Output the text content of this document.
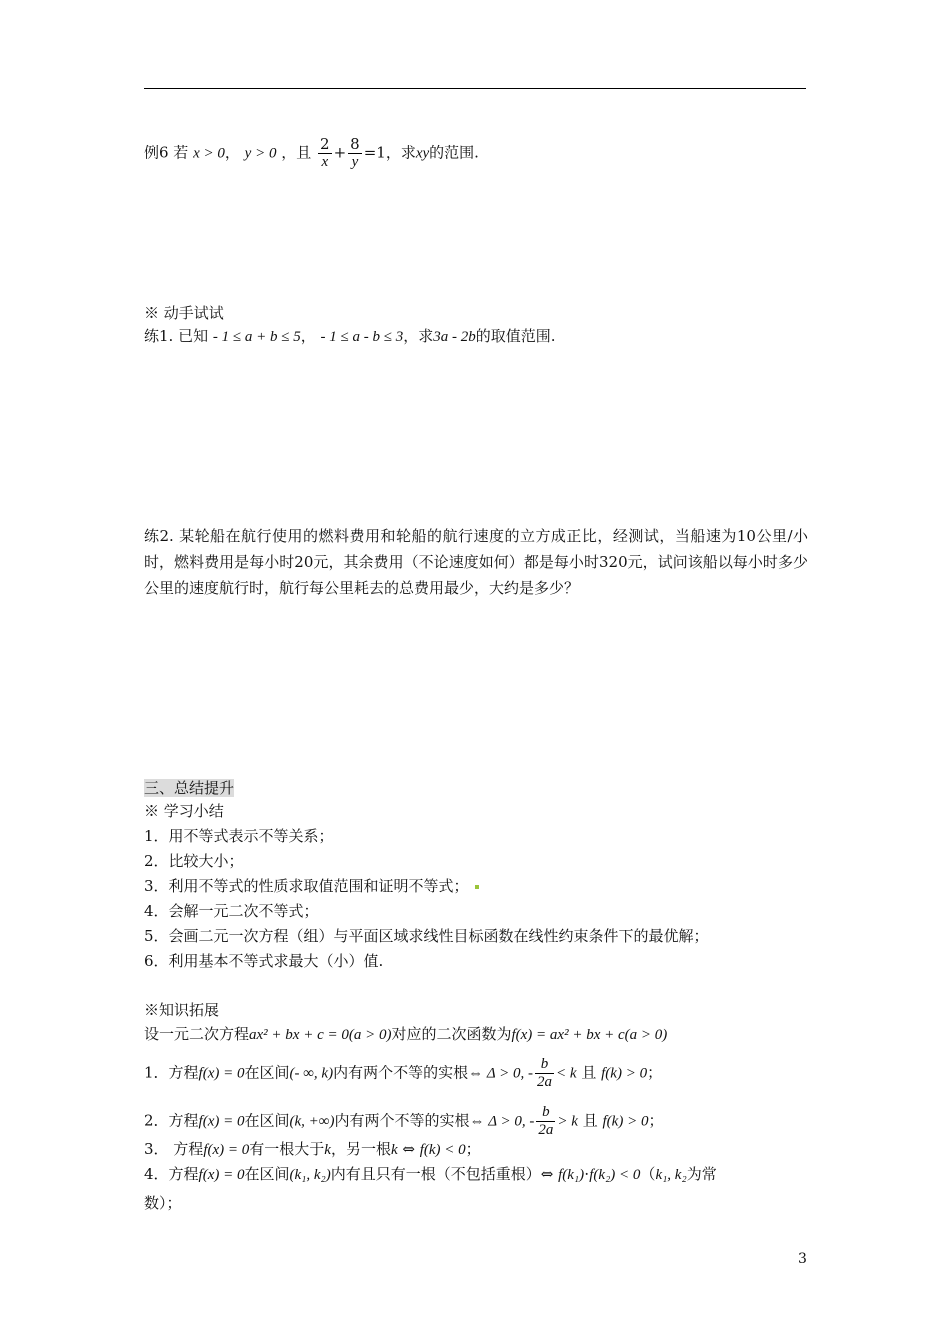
例6 若 x > 0， y > 0 ，且 $\frac{2}{x} + \frac{8}{y} =1$，求xy的范围.
※ 动手试试
练1. 已知 - 1 ≤ a + b ≤ 5， - 1 ≤ a - b ≤ 3，求3a - 2b的取值范围.
练2. 某轮船在航行使用的燃料费用和轮船的航行速度的立方成正比，经测试，当船速为10公里/小时，燃料费用是每小时20元，其余费用（不论速度如何）都是每小时320元，试问该船以每小时多少公里的速度航行时，航行每公里耗去的总费用最少，大约是多少？
三、总结提升
※ 学习小结
1．用不等式表示不等关系；
2．比较大小；
3．利用不等式的性质求取值范围和证明不等式；
4．会解一元二次不等式；
5．会画二元一次方程（组）与平面区域求线性目标函数在线性约束条件下的最优解；
6．利用基本不等式求最大（小）值.
※知识拓展
设一元二次方程ax² + bx + c = 0(a > 0)对应的二次函数为f(x) = ax² + bx + c(a > 0)
1．方程f(x) = 0在区间(- ∞, k)内有两个不等的实根⇔ Δ > 0, - $\frac{b}{2a} < k$ 且 f(k) > 0；
2．方程f(x) = 0在区间(k, +∞)内有两个不等的实根⇔ Δ > 0, - $\frac{b}{2a} > k$ 且 f(k) > 0；
3． 方程f(x) = 0有一根大于k，另一根k ⇔ f(k) < 0；
4．方程f(x) = 0在区间(k₁, k₂)内有且只有一根（不包括重根）⇔ f(k₁)⋅f(k₂) < 0（k₁, k₂为常
数）；
3
